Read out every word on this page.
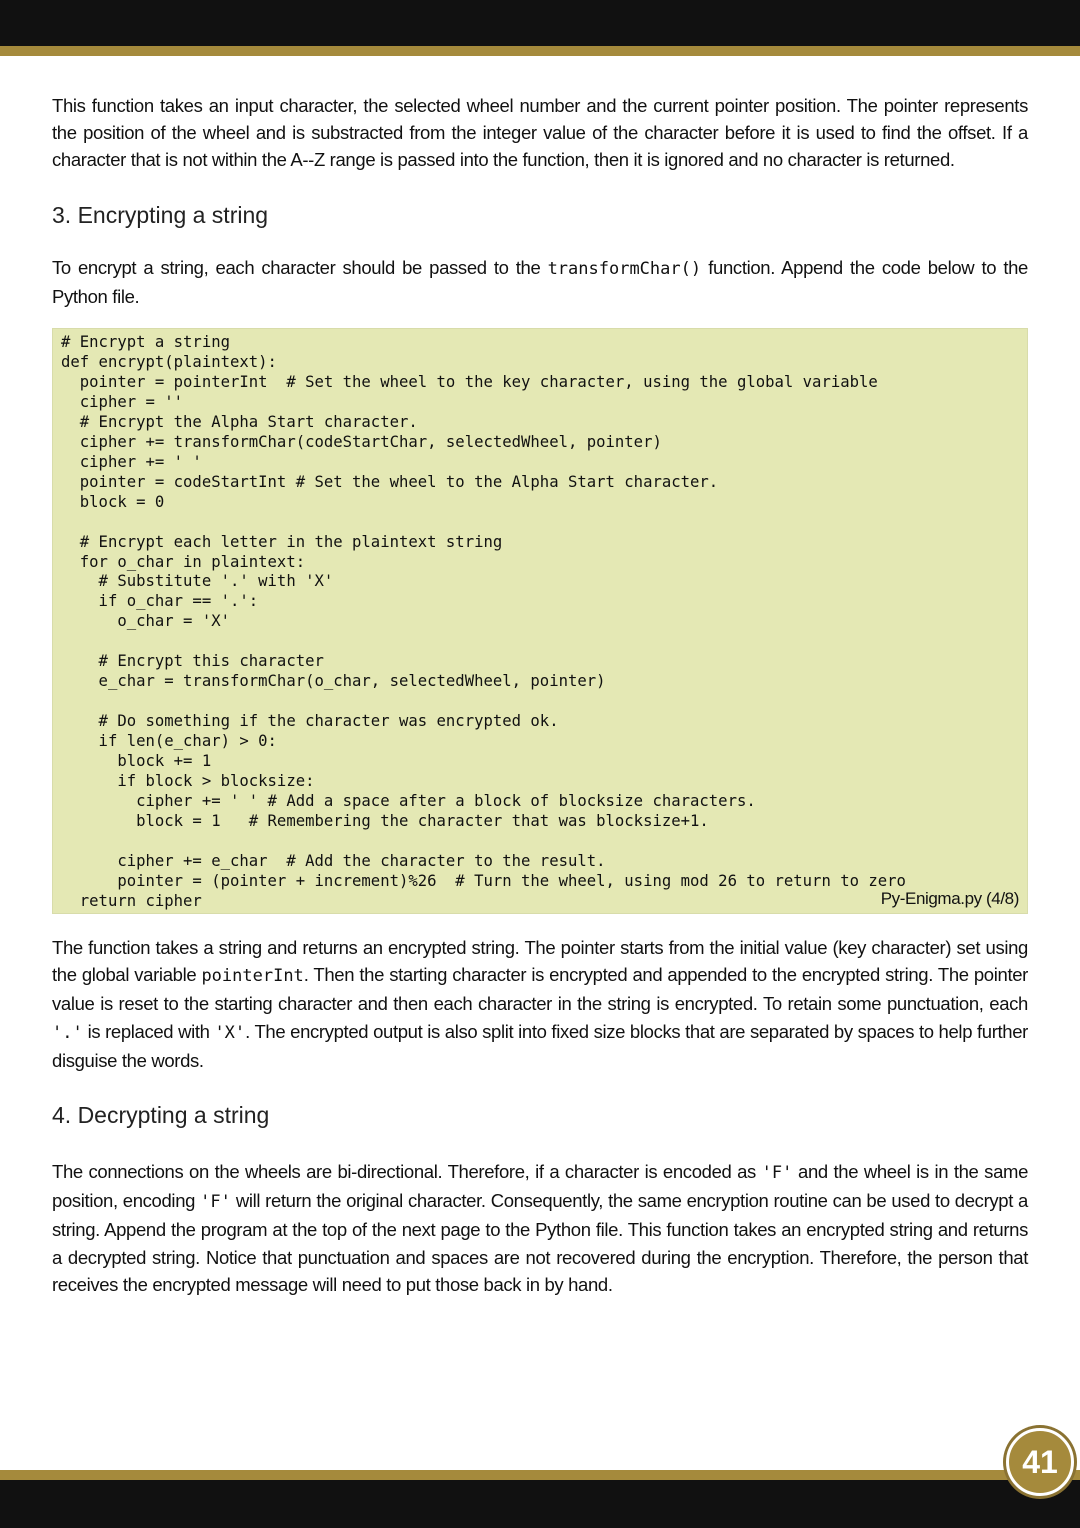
This function takes an input character, the selected wheel number and the current pointer position. The pointer represents the position of the wheel and is substracted from the integer value of the character before it is used to find the offset. If a character that is not within the A--Z range is passed into the function, then it is ignored and no character is returned.

3. Encrypting a string

To encrypt a string, each character should be passed to the transformChar() function. Append the code below to the Python file.

# Encrypt a string
def encrypt(plaintext):
pointer = pointerInt  # Set the wheel to the key character, using the global variable
cipher = ''
# Encrypt the Alpha Start character.
cipher += transformChar(codeStartChar, selectedWheel, pointer)
cipher += ' '
pointer = codeStartInt # Set the wheel to the Alpha Start character.
block = 0

# Encrypt each letter in the plaintext string
for o_char in plaintext:
# Substitute '.' with 'X'
if o_char == '.':
o_char = 'X'

# Encrypt this character
e_char = transformChar(o_char, selectedWheel, pointer)

# Do something if the character was encrypted ok.
if len(e_char) > 0:
block += 1
if block > blocksize:
cipher += ' ' # Add a space after a block of blocksize characters.
block = 1   # Remembering the character that was blocksize+1.

cipher += e_char  # Add the character to the result.
pointer = (pointer + increment)%26  # Turn the wheel, using mod 26 to return to zero
return cipher	Py-Enigma.py (4/8)

The function takes a string and returns an encrypted string. The pointer starts from the initial value (key character) set using the global variable pointerInt. Then the starting character is encrypted and appended to the encrypted string. The pointer value is reset to the starting character and then each character in the string is encrypted. To retain some punctuation, each '.' is replaced with 'X'. The encrypted output is also split into fixed size blocks that are separated by spaces to help further disguise the words.

4. Decrypting a string

The connections on the wheels are bi-directional. Therefore, if a character is encoded as 'F' and the wheel is in the same position, encoding 'F' will return the original character. Consequently, the same encryption routine can be used to decrypt a string. Append the program at the top of the next page to the Python file. This function takes an encrypted string and returns a decrypted string. Notice that punctuation and spaces are not recovered during the encryption. Therefore, the person that receives the encrypted message will need to put those back in by hand.

41
